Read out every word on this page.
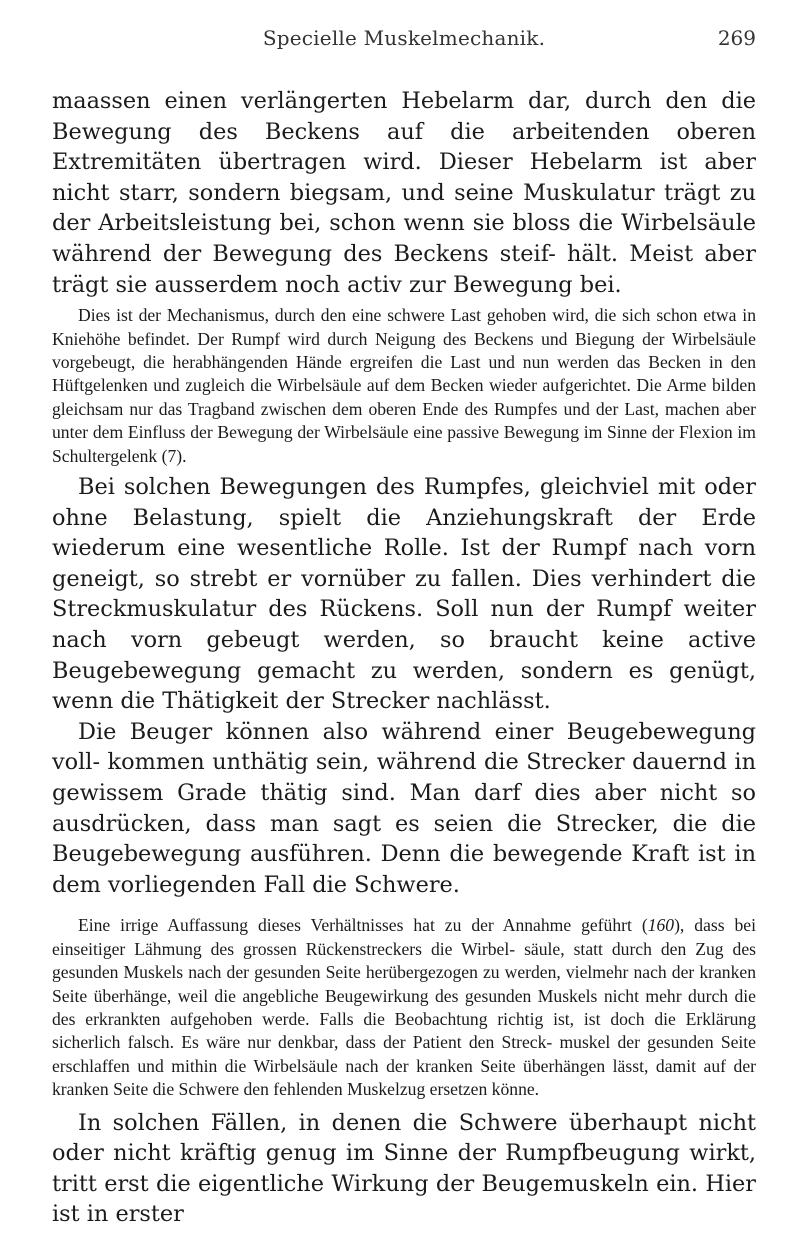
Specielle Muskelmechanik.	269

maassen einen verlängerten Hebelarm dar, durch den die Bewegung des Beckens auf die arbeitenden oberen Extremitäten übertragen wird. Dieser Hebelarm ist aber nicht starr, sondern biegsam, und seine Muskulatur trägt zu der Arbeitsleistung bei, schon wenn sie bloss die Wirbelsäule während der Bewegung des Beckens steif- hält. Meist aber trägt sie ausserdem noch activ zur Bewegung bei.

Dies ist der Mechanismus, durch den eine schwere Last gehoben wird, die sich schon etwa in Kniehöhe befindet. Der Rumpf wird durch Neigung des Beckens und Biegung der Wirbelsäule vorgebeugt, die herabhängenden Hände ergreifen die Last und nun werden das Becken in den Hüftgelenken und zugleich die Wirbelsäule auf dem Becken wieder aufgerichtet. Die Arme bilden gleichsam nur das Tragband zwischen dem oberen Ende des Rumpfes und der Last, machen aber unter dem Einfluss der Bewegung der Wirbelsäule eine passive Bewegung im Sinne der Flexion im Schultergelenk (7).

Bei solchen Bewegungen des Rumpfes, gleichviel mit oder ohne Belastung, spielt die Anziehungskraft der Erde wiederum eine wesentliche Rolle. Ist der Rumpf nach vorn geneigt, so strebt er vornüber zu fallen. Dies verhindert die Streckmuskulatur des Rückens. Soll nun der Rumpf weiter nach vorn gebeugt werden, so braucht keine active Beugebewegung gemacht zu werden, sondern es genügt, wenn die Thätigkeit der Strecker nachlässt.

Die Beuger können also während einer Beugebewegung voll- kommen unthätig sein, während die Strecker dauernd in gewissem Grade thätig sind. Man darf dies aber nicht so ausdrücken, dass man sagt es seien die Strecker, die die Beugebewegung ausführen. Denn die bewegende Kraft ist in dem vorliegenden Fall die Schwere.

Eine irrige Auffassung dieses Verhältnisses hat zu der Annahme geführt (160), dass bei einseitiger Lähmung des grossen Rückenstreckers die Wirbel- säule, statt durch den Zug des gesunden Muskels nach der gesunden Seite herübergezogen zu werden, vielmehr nach der kranken Seite überhänge, weil die angebliche Beugewirkung des gesunden Muskels nicht mehr durch die des erkrankten aufgehoben werde. Falls die Beobachtung richtig ist, ist doch die Erklärung sicherlich falsch. Es wäre nur denkbar, dass der Patient den Streck- muskel der gesunden Seite erschlaffen und mithin die Wirbelsäule nach der kranken Seite überhängen lässt, damit auf der kranken Seite die Schwere den fehlenden Muskelzug ersetzen könne.

In solchen Fällen, in denen die Schwere überhaupt nicht oder nicht kräftig genug im Sinne der Rumpfbeugung wirkt, tritt erst die eigentliche Wirkung der Beugemuskeln ein. Hier ist in erster
